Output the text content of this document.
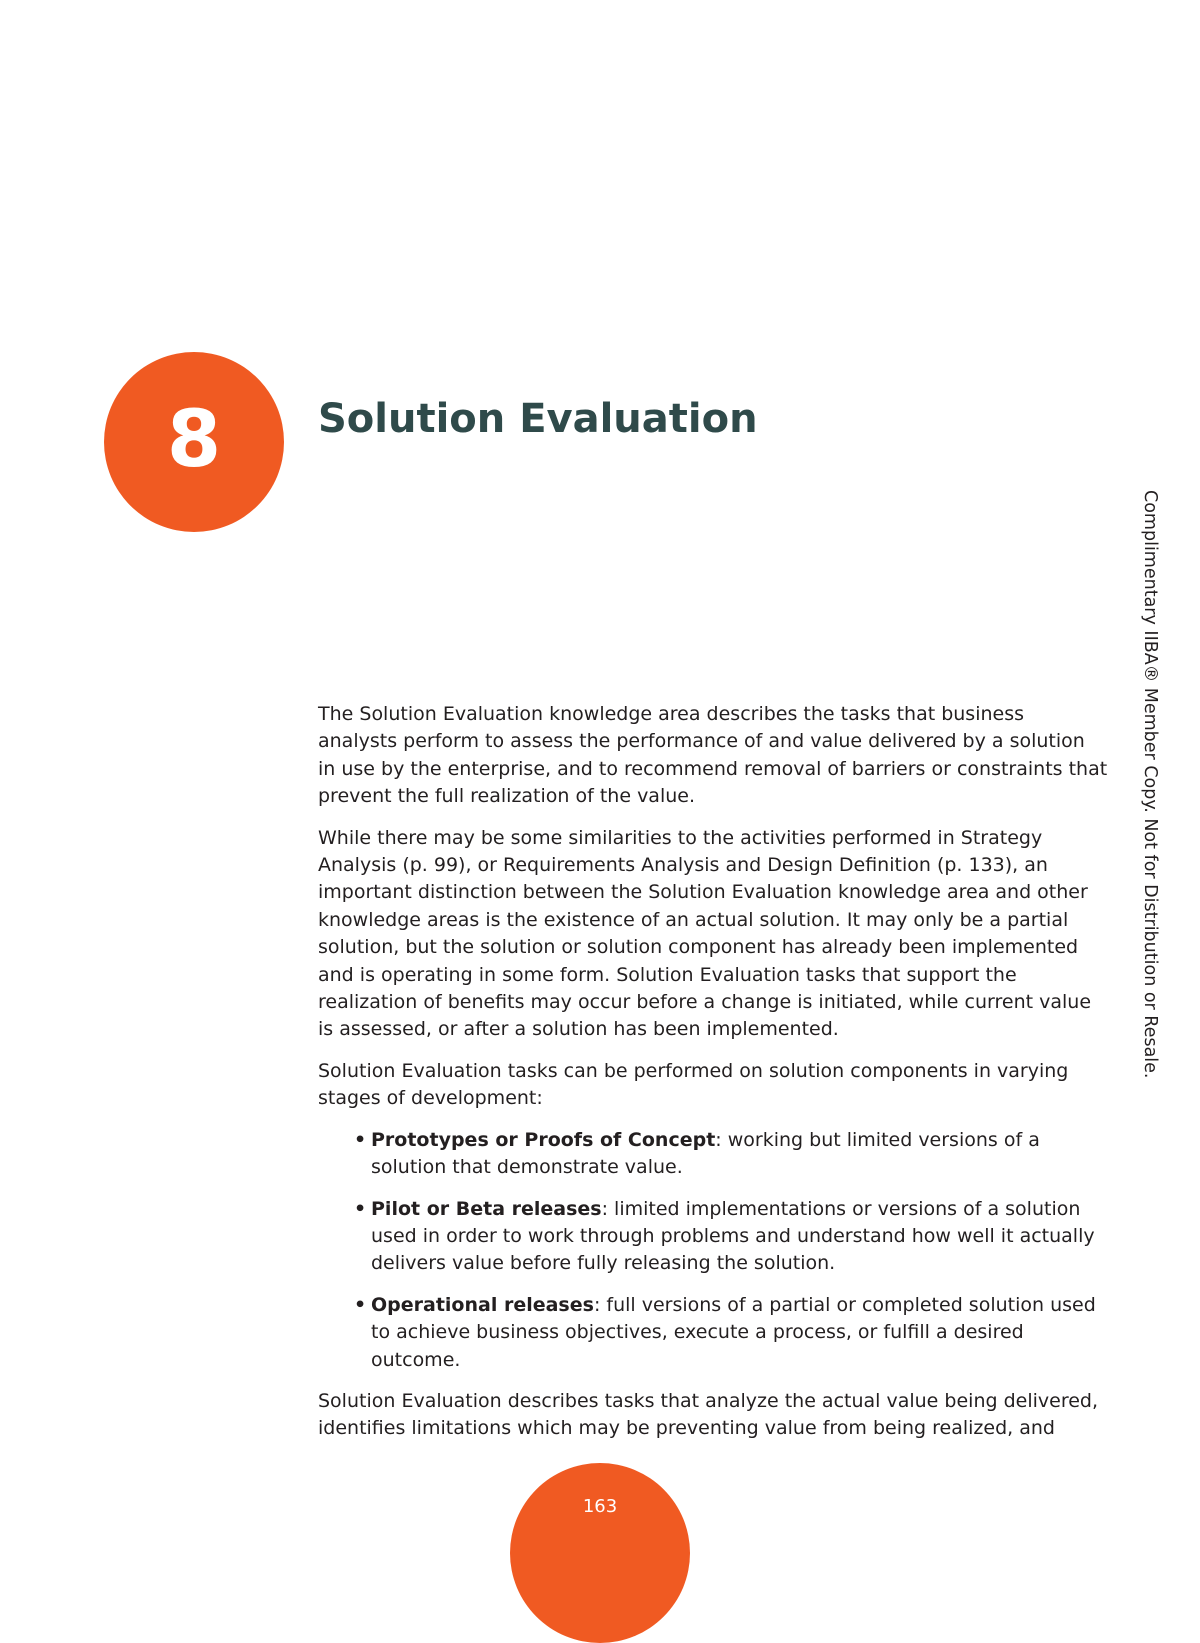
8 Solution Evaluation

The Solution Evaluation knowledge area describes the tasks that business analysts perform to assess the performance of and value delivered by a solution in use by the enterprise, and to recommend removal of barriers or constraints that prevent the full realization of the value.

While there may be some similarities to the activities performed in Strategy Analysis (p. 99), or Requirements Analysis and Design Definition (p. 133), an important distinction between the Solution Evaluation knowledge area and other knowledge areas is the existence of an actual solution. It may only be a partial solution, but the solution or solution component has already been implemented and is operating in some form. Solution Evaluation tasks that support the realization of benefits may occur before a change is initiated, while current value is assessed, or after a solution has been implemented.

Solution Evaluation tasks can be performed on solution components in varying stages of development:

• Prototypes or Proofs of Concept: working but limited versions of a solution that demonstrate value.
• Pilot or Beta releases: limited implementations or versions of a solution used in order to work through problems and understand how well it actually delivers value before fully releasing the solution.
• Operational releases: full versions of a partial or completed solution used to achieve business objectives, execute a process, or fulfill a desired outcome.

Solution Evaluation describes tasks that analyze the actual value being delivered, identifies limitations which may be preventing value from being realized, and

Complimentary IIBA® Member Copy. Not for Distribution or Resale.
163
